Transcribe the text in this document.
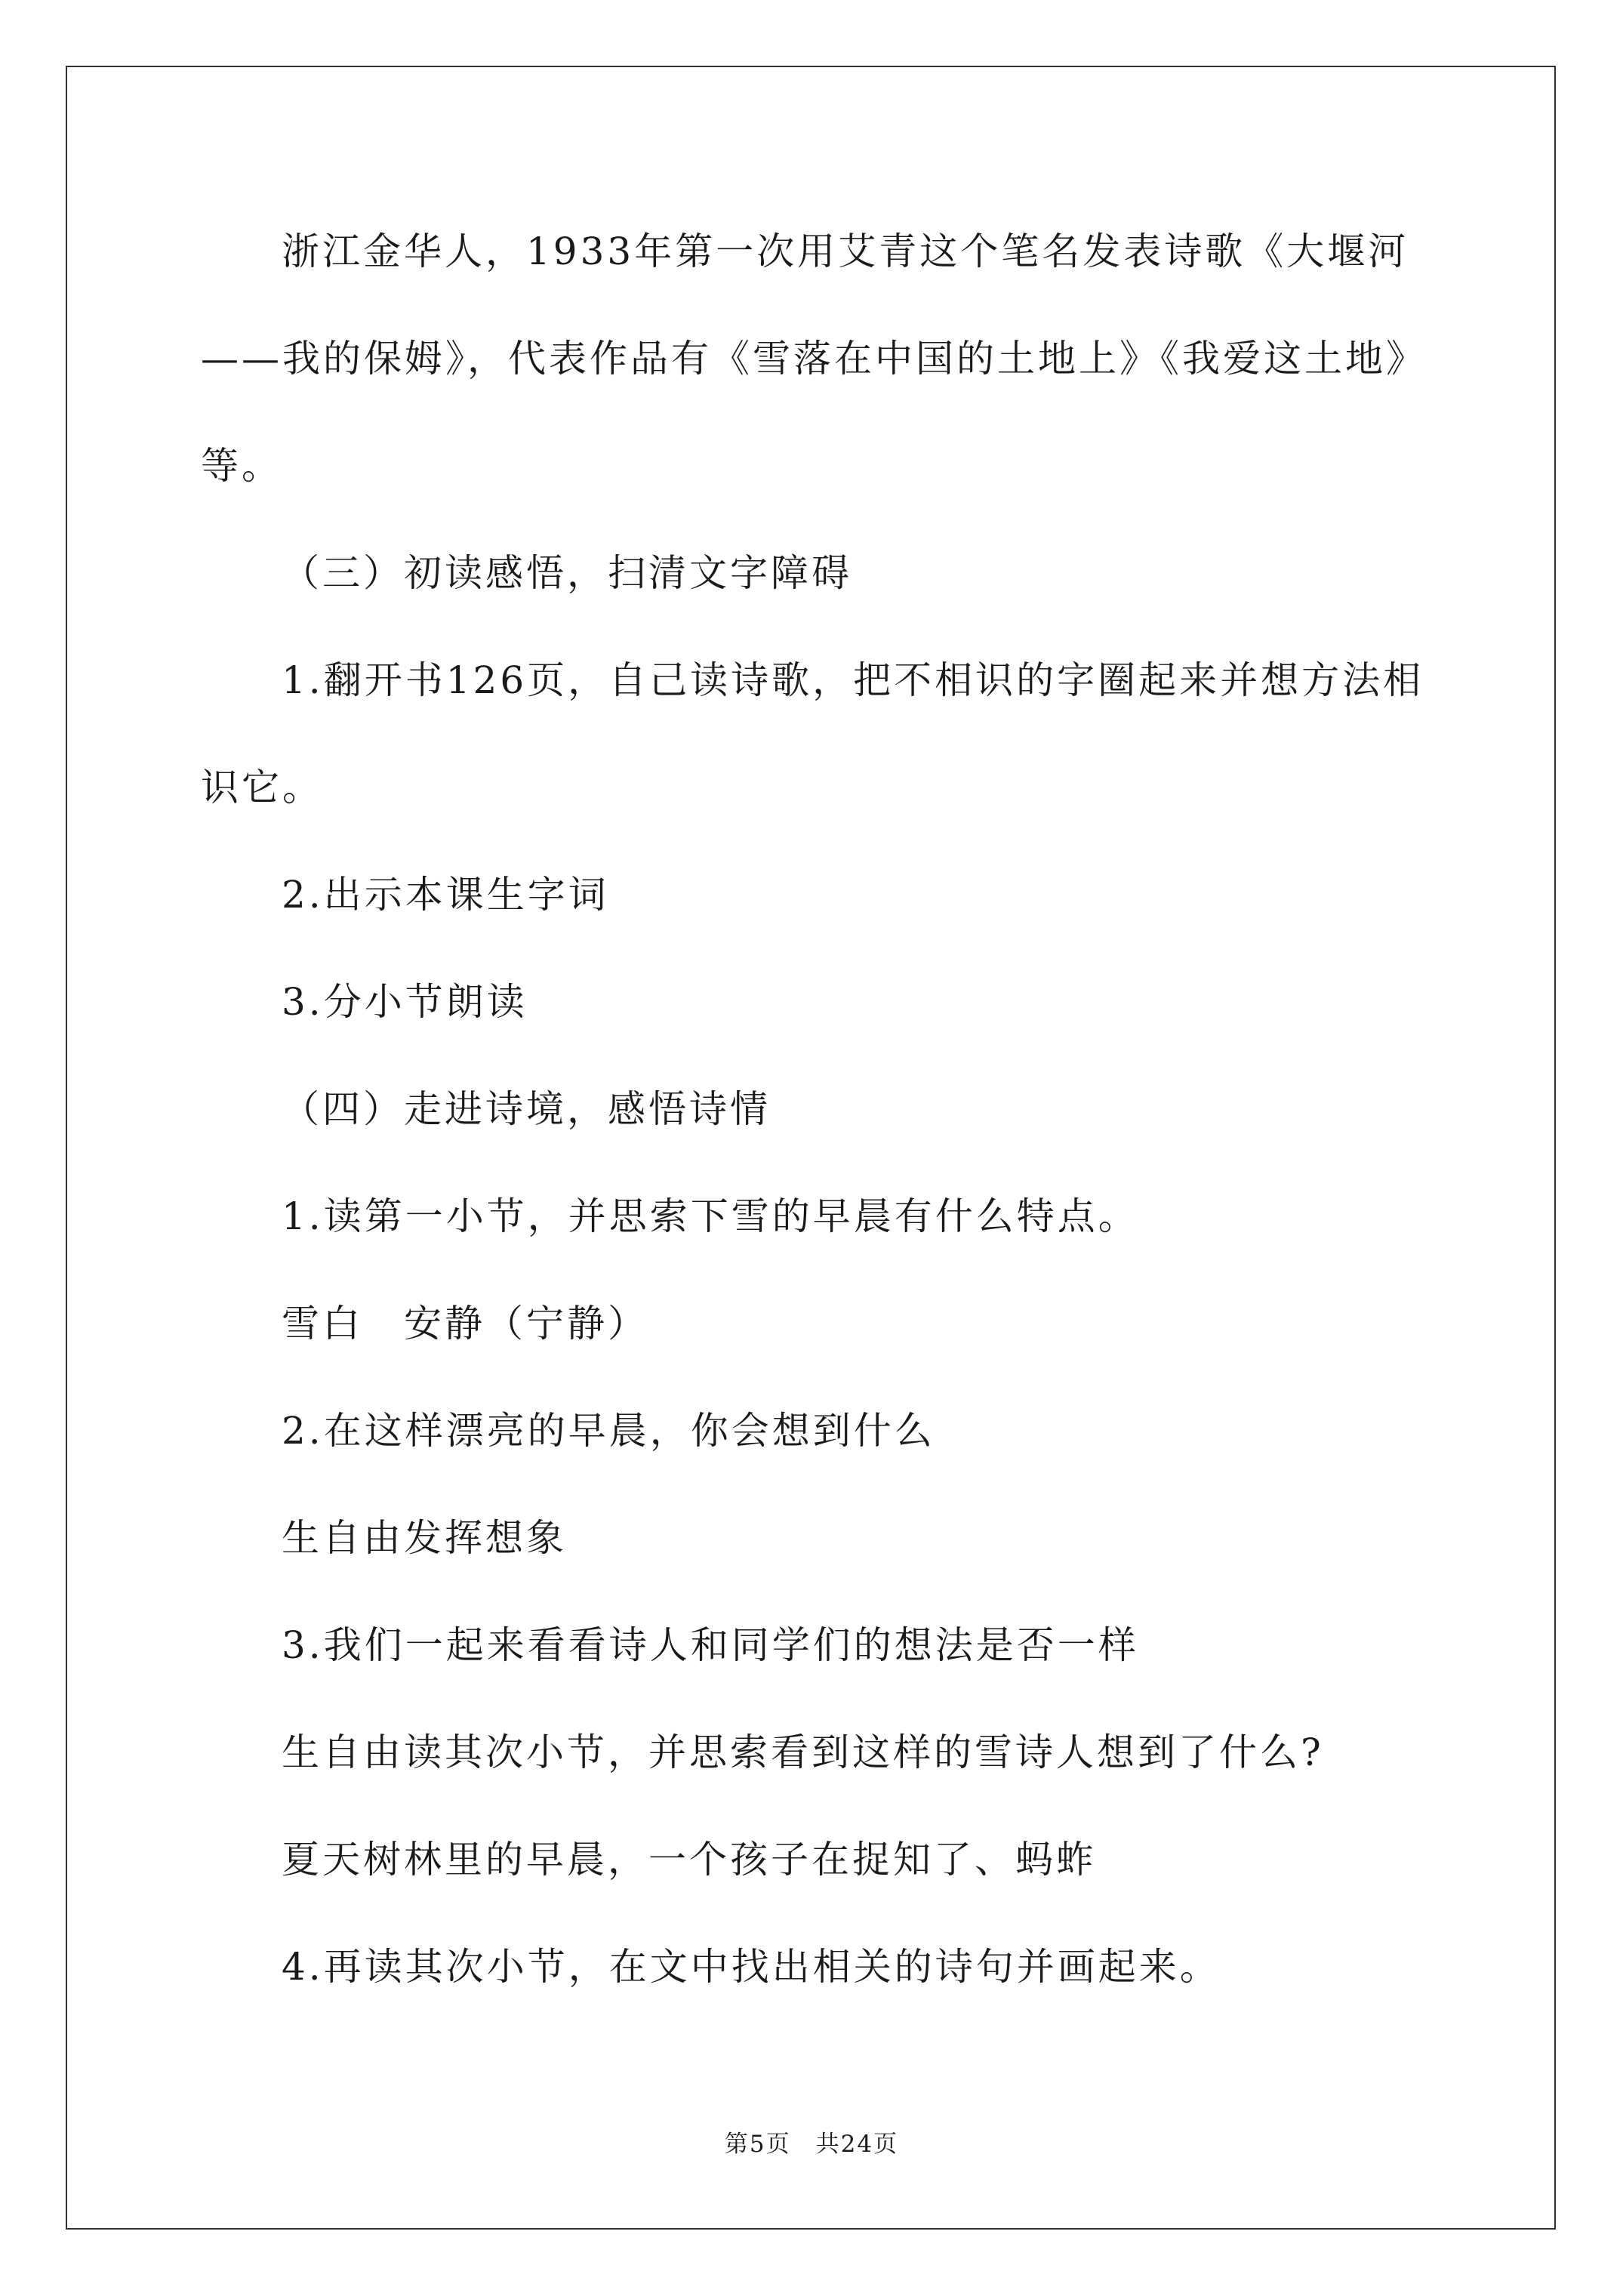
浙江金华人，1933年第一次用艾青这个笔名发表诗歌《大堰河
——我的保姆》，代表作品有《雪落在中国的土地上》《我爱这土地》
等。
（三）初读感悟，扫清文字障碍
1.翻开书126页，自己读诗歌，把不相识的字圈起来并想方法相
识它。
2.出示本课生字词
3.分小节朗读
（四）走进诗境，感悟诗情
1.读第一小节，并思索下雪的早晨有什么特点。
雪白　安静（宁静）
2.在这样漂亮的早晨，你会想到什么
生自由发挥想象
3.我们一起来看看诗人和同学们的想法是否一样
生自由读其次小节，并思索看到这样的雪诗人想到了什么?
夏天树林里的早晨，一个孩子在捉知了、蚂蚱
4.再读其次小节，在文中找出相关的诗句并画起来。
第5页　共24页
